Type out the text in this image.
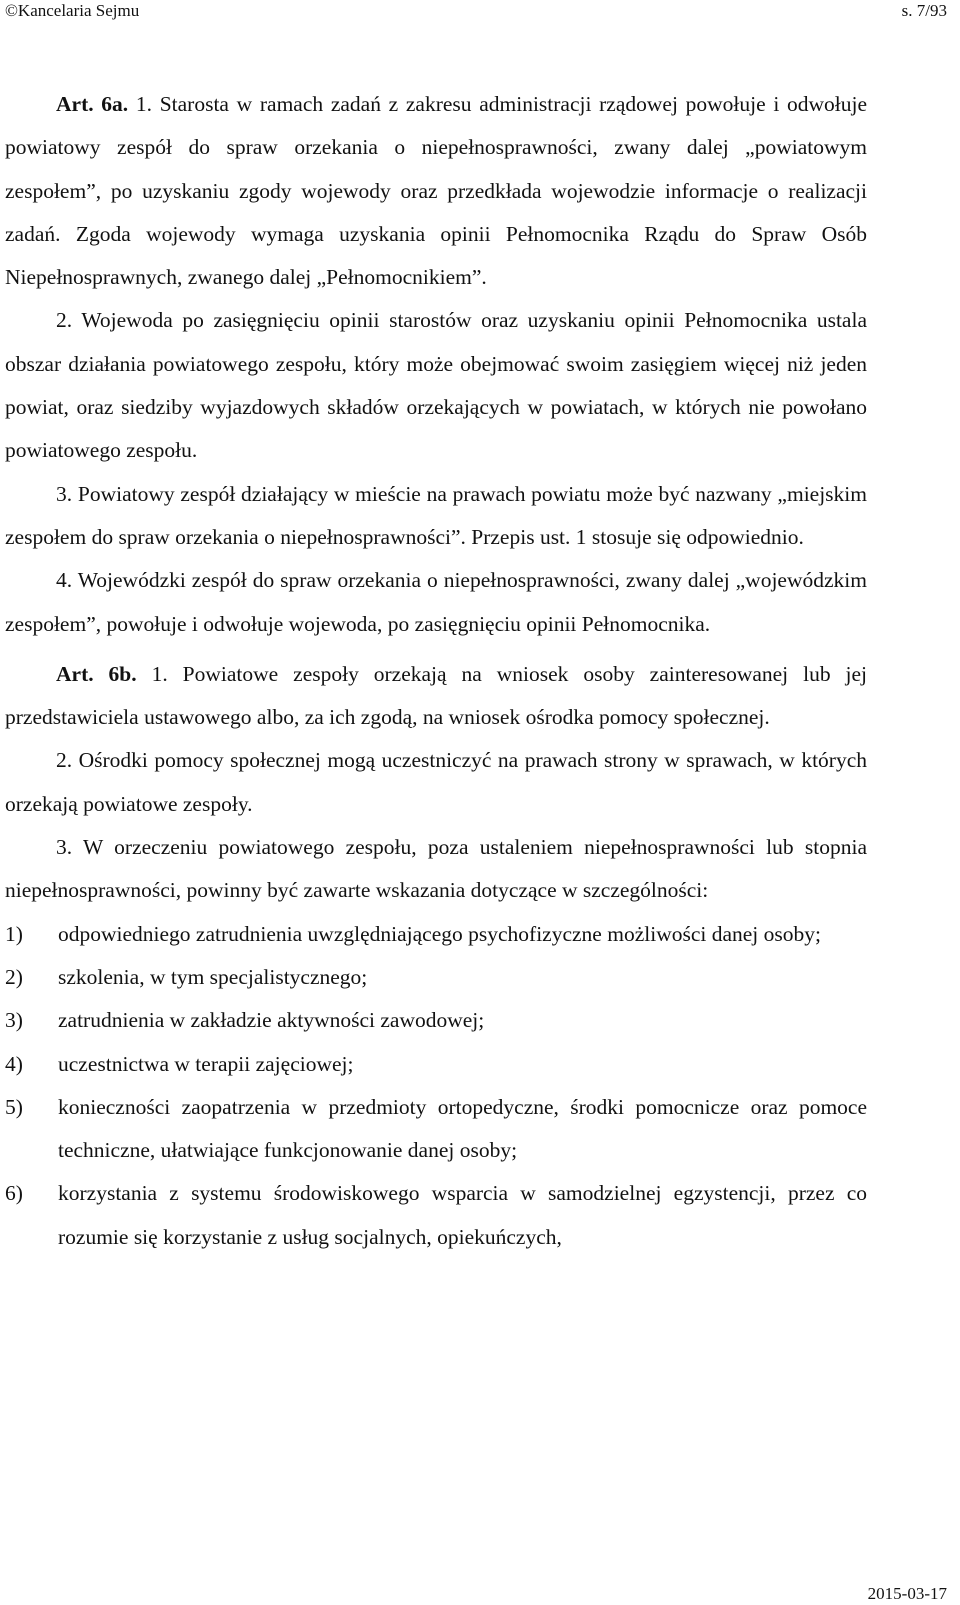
©Kancelaria Sejmu	s. 7/93

Art. 6a. 1. Starosta w ramach zadań z zakresu administracji rządowej powołuje i odwołuje powiatowy zespół do spraw orzekania o niepełnosprawności, zwany dalej „powiatowym zespołem”, po uzyskaniu zgody wojewody oraz przedkłada wojewodzie informacje o realizacji zadań. Zgoda wojewody wymaga uzyskania opinii Pełnomocnika Rządu do Spraw Osób Niepełnosprawnych, zwanego dalej „Pełnomocnikiem”.

2. Wojewoda po zasięgnięciu opinii starostów oraz uzyskaniu opinii Pełnomocnika ustala obszar działania powiatowego zespołu, który może obejmować swoim zasięgiem więcej niż jeden powiat, oraz siedziby wyjazdowych składów orzekających w powiatach, w których nie powołano powiatowego zespołu.

3. Powiatowy zespół działający w mieście na prawach powiatu może być nazwany „miejskim zespołem do spraw orzekania o niepełnosprawności”. Przepis ust. 1 stosuje się odpowiednio.

4. Wojewódzki zespół do spraw orzekania o niepełnosprawności, zwany dalej „wojewódzkim zespołem”, powołuje i odwołuje wojewoda, po zasięgnięciu opinii Pełnomocnika.

Art. 6b. 1. Powiatowe zespoły orzekają na wniosek osoby zainteresowanej lub jej przedstawiciela ustawowego albo, za ich zgodą, na wniosek ośrodka pomocy społecznej.

2. Ośrodki pomocy społecznej mogą uczestniczyć na prawach strony w sprawach, w których orzekają powiatowe zespoły.

3. W orzeczeniu powiatowego zespołu, poza ustaleniem niepełnosprawności lub stopnia niepełnosprawności, powinny być zawarte wskazania dotyczące w szczególności:

1) odpowiedniego zatrudnienia uwzględniającego psychofizyczne możliwości danej osoby;
2) szkolenia, w tym specjalistycznego;
3) zatrudnienia w zakładzie aktywności zawodowej;
4) uczestnictwa w terapii zajęciowej;
5) konieczności zaopatrzenia w przedmioty ortopedyczne, środki pomocnicze oraz pomoce techniczne, ułatwiające funkcjonowanie danej osoby;
6) korzystania z systemu środowiskowego wsparcia w samodzielnej egzystencji, przez co rozumie się korzystanie z usług socjalnych, opiekuńczych,
2015-03-17
